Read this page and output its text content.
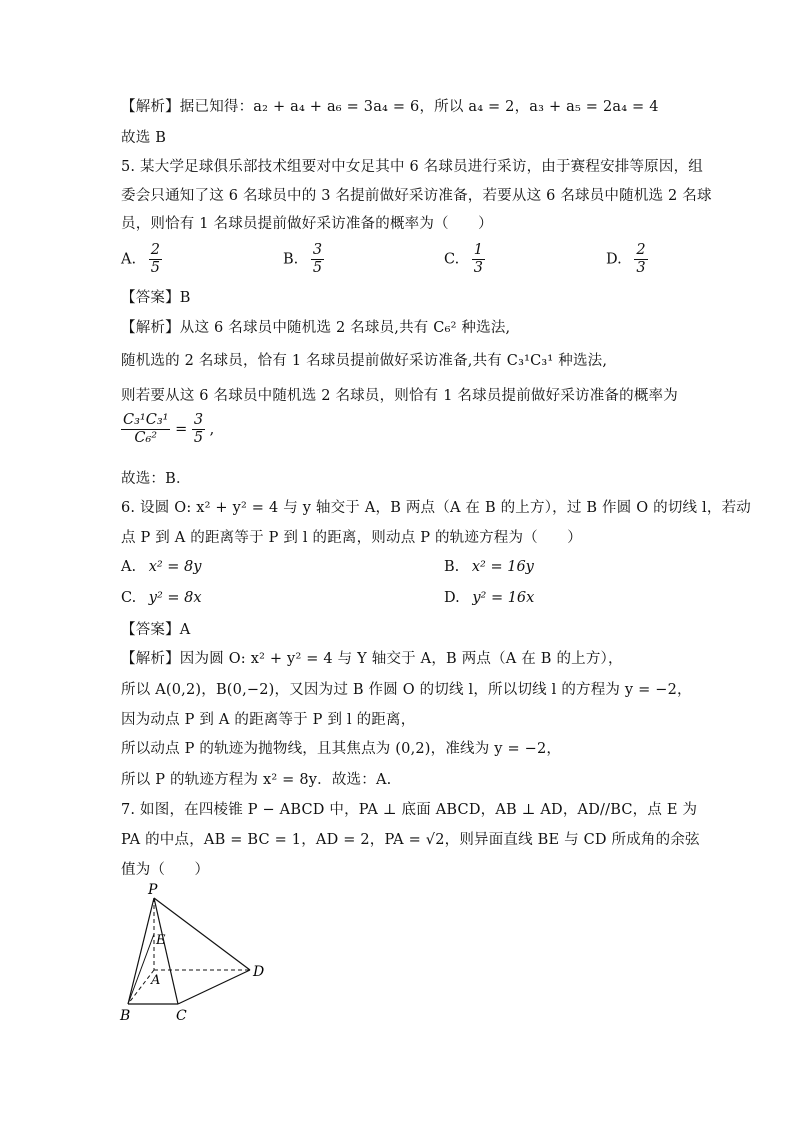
【解析】据已知得：a₂ + a₄ + a₆ = 3a₄ = 6，所以 a₄ = 2，a₃ + a₅ = 2a₄ = 4
故选 B
5. 某大学足球俱乐部技术组要对中女足其中 6 名球员进行采访，由于赛程安排等原因，组
委会只通知了这 6 名球员中的 3 名提前做好采访准备，若要从这 6 名球员中随机选 2 名球
员，则恰有 1 名球员提前做好采访准备的概率为（　　）
A. $\frac{2}{5}$	B. $\frac{3}{5}$	C. $\frac{1}{3}$	D. $\frac{2}{3}$
【答案】B
【解析】从这 6 名球员中随机选 2 名球员,共有 C₆² 种选法,
随机选的 2 名球员，恰有 1 名球员提前做好采访准备,共有 C₃¹C₃¹ 种选法,
则若要从这 6 名球员中随机选 2 名球员，则恰有 1 名球员提前做好采访准备的概率为
$\frac{\text{C₃¹C₃¹}}{\text{C₆²}} = \frac{3}{5}$ ,
故选：B．
6. 设圆 O: x² + y² = 4 与 y 轴交于 A，B 两点（A 在 B 的上方），过 B 作圆 O 的切线 l，若动
点 P 到 A 的距离等于 P 到 l 的距离，则动点 P 的轨迹方程为（　　）
A. x² = 8y	B. x² = 16y
C. y² = 8x	D. y² = 16x
【答案】A
【解析】因为圆 O: x² + y² = 4 与 Y 轴交于 A，B 两点（A 在 B 的上方），
所以 A(0,2)，B(0,−2)，又因为过 B 作圆 O 的切线 l，所以切线 l 的方程为 y = −2，
因为动点 P 到 A 的距离等于 P 到 l 的距离，
所以动点 P 的轨迹为抛物线，且其焦点为 (0,2)，准线为 y = −2，
所以 P 的轨迹方程为 x² = 8y．故选：A.
7. 如图，在四棱锥 P − ABCD 中，PA ⊥ 底面 ABCD，AB ⊥ AD，AD//BC，点 E 为
PA 的中点，AB = BC = 1，AD = 2，PA = √2，则异面直线 BE 与 CD 所成角的余弦
值为（　　）
P
E
A
B	C
D
